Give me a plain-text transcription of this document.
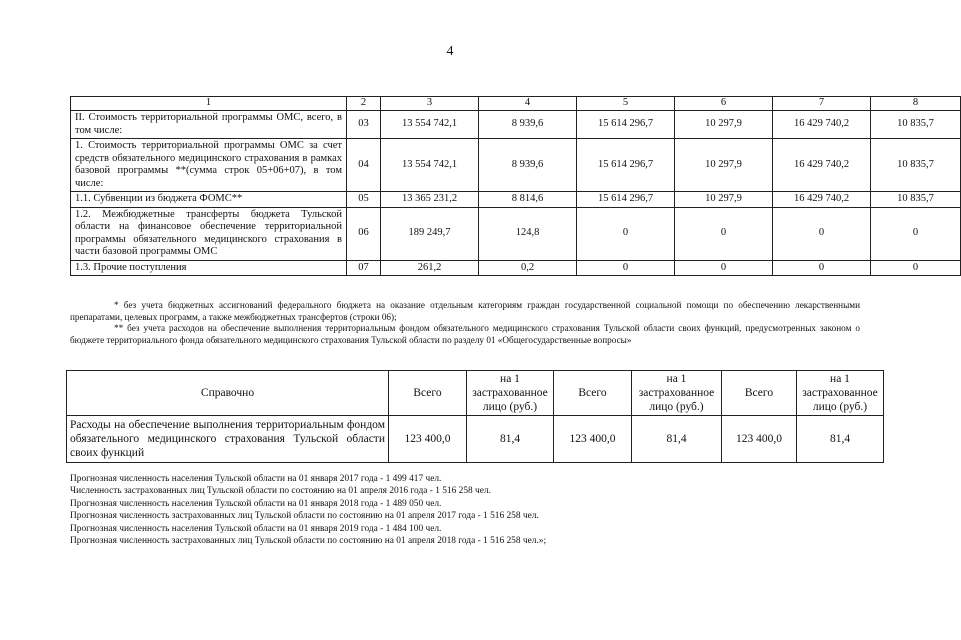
4
1	2	3	4	5	6	7	8
II. Стоимость территориальной программы ОМС, всего, в том числе:	03	13 554 742,1	8 939,6	15 614 296,7	10 297,9	16 429 740,2	10 835,7
1. Стоимость территориальной программы ОМС за счет средств обязательного медицинского страхования в рамках базовой программы **(сумма строк 05+06+07), в том числе:	04	13 554 742,1	8 939,6	15 614 296,7	10 297,9	16 429 740,2	10 835,7
1.1. Субвенции из бюджета ФОМС**	05	13 365 231,2	8 814,6	15 614 296,7	10 297,9	16 429 740,2	10 835,7
1.2. Межбюджетные трансферты бюджета Тульской области на финансовое обеспечение территориальной программы обязательного медицинского страхования в части базовой программы ОМС	06	189 249,7	124,8	0	0	0	0
1.3. Прочие поступления	07	261,2	0,2	0	0	0	0

* без учета бюджетных ассигнований федерального бюджета на оказание отдельным категориям граждан государственной социальной помощи по обеспечению лекарственными препаратами, целевых программ, а также межбюджетных трансфертов (строки 06);

** без учета расходов на обеспечение выполнения территориальным фондом обязательного медицинского страхования Тульской области своих функций, предусмотренных законом о бюджете территориального фонда обязательного медицинского страхования Тульской области по разделу 01 «Общегосударственные вопросы»

Справочно	Всего	на 1 застрахованное лицо (руб.)	Всего	на 1 застрахованное лицо (руб.)	Всего	на 1 застрахованное лицо (руб.)
Расходы на обеспечение выполнения территориальным фондом обязательного медицинского страхования Тульской области своих функций	123 400,0	81,4	123 400,0	81,4	123 400,0	81,4
Прогнозная численность населения Тульской области на 01 января 2017 года - 1 499 417 чел.
Численность застрахованных лиц Тульской области по состоянию на 01 апреля 2016 года - 1 516 258 чел.
Прогнозная численность населения Тульской области на 01 января 2018 года - 1 489 050 чел.
Прогнозная численность застрахованных лиц Тульской области по состоянию на 01 апреля 2017 года - 1 516 258 чел.
Прогнозная численность населения Тульской области на 01 января 2019 года - 1 484 100 чел.
Прогнозная численность застрахованных лиц Тульской области по состоянию на 01 апреля 2018 года - 1 516 258 чел.»;
